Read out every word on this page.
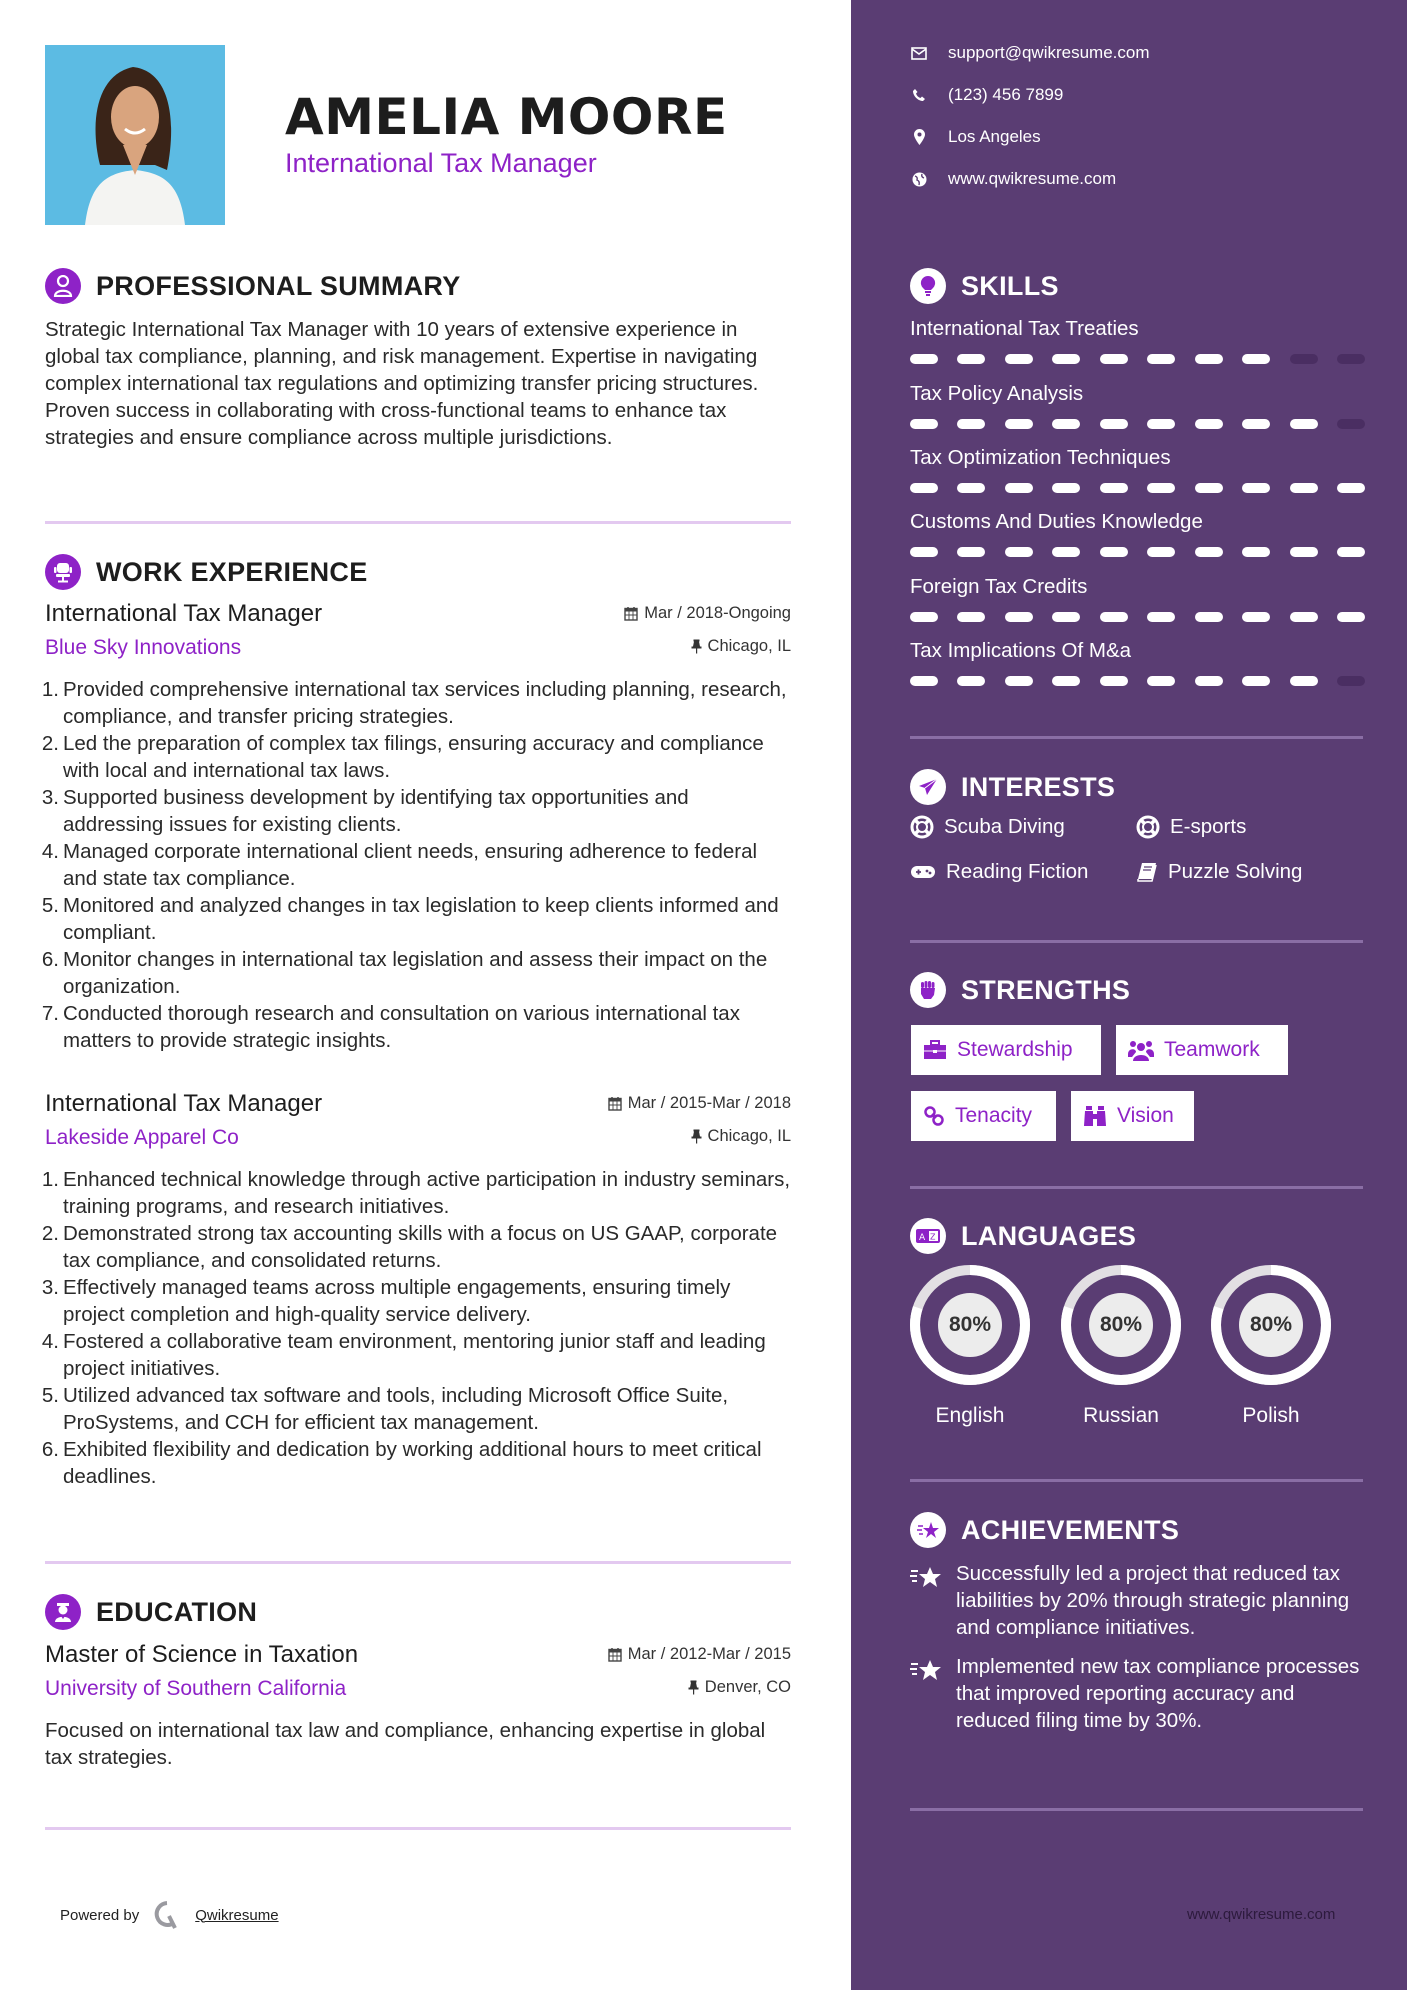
AMELIA MOORE
International Tax Manager
PROFESSIONAL SUMMARY
Strategic International Tax Manager with 10 years of extensive experience in global tax compliance, planning, and risk management. Expertise in navigating complex international tax regulations and optimizing transfer pricing structures. Proven success in collaborating with cross-functional teams to enhance tax strategies and ensure compliance across multiple jurisdictions.
WORK EXPERIENCE
International Tax Manager	Mar / 2018-Ongoing
Blue Sky Innovations	Chicago, IL
1. Provided comprehensive international tax services including planning, research, compliance, and transfer pricing strategies.
2. Led the preparation of complex tax filings, ensuring accuracy and compliance with local and international tax laws.
3. Supported business development by identifying tax opportunities and addressing issues for existing clients.
4. Managed corporate international client needs, ensuring adherence to federal and state tax compliance.
5. Monitored and analyzed changes in tax legislation to keep clients informed and compliant.
6. Monitor changes in international tax legislation and assess their impact on the organization.
7. Conducted thorough research and consultation on various international tax matters to provide strategic insights.
International Tax Manager	Mar / 2015-Mar / 2018
Lakeside Apparel Co	Chicago, IL
1. Enhanced technical knowledge through active participation in industry seminars, training programs, and research initiatives.
2. Demonstrated strong tax accounting skills with a focus on US GAAP, corporate tax compliance, and consolidated returns.
3. Effectively managed teams across multiple engagements, ensuring timely project completion and high-quality service delivery.
4. Fostered a collaborative team environment, mentoring junior staff and leading project initiatives.
5. Utilized advanced tax software and tools, including Microsoft Office Suite, ProSystems, and CCH for efficient tax management.
6. Exhibited flexibility and dedication by working additional hours to meet critical deadlines.
EDUCATION
Master of Science in Taxation	Mar / 2012-Mar / 2015
University of Southern California	Denver, CO
Focused on international tax law and compliance, enhancing expertise in global tax strategies.
Powered by	Qwikresume
support@qwikresume.com
(123) 456 7899
Los Angeles
www.qwikresume.com
SKILLS
International Tax Treaties
Tax Policy Analysis
Tax Optimization Techniques
Customs And Duties Knowledge
Foreign Tax Credits
Tax Implications Of M&a
INTERESTS
Scuba Diving	E-sports
Reading Fiction	Puzzle Solving
STRENGTHS
Stewardship	Teamwork
Tenacity	Vision
A Z LANGUAGES
80%
English
80%
Russian
80%
Polish
ACHIEVEMENTS
Successfully led a project that reduced tax liabilities by 20% through strategic planning and compliance initiatives.
Implemented new tax compliance processes that improved reporting accuracy and reduced filing time by 30%.
www.qwikresume.com
